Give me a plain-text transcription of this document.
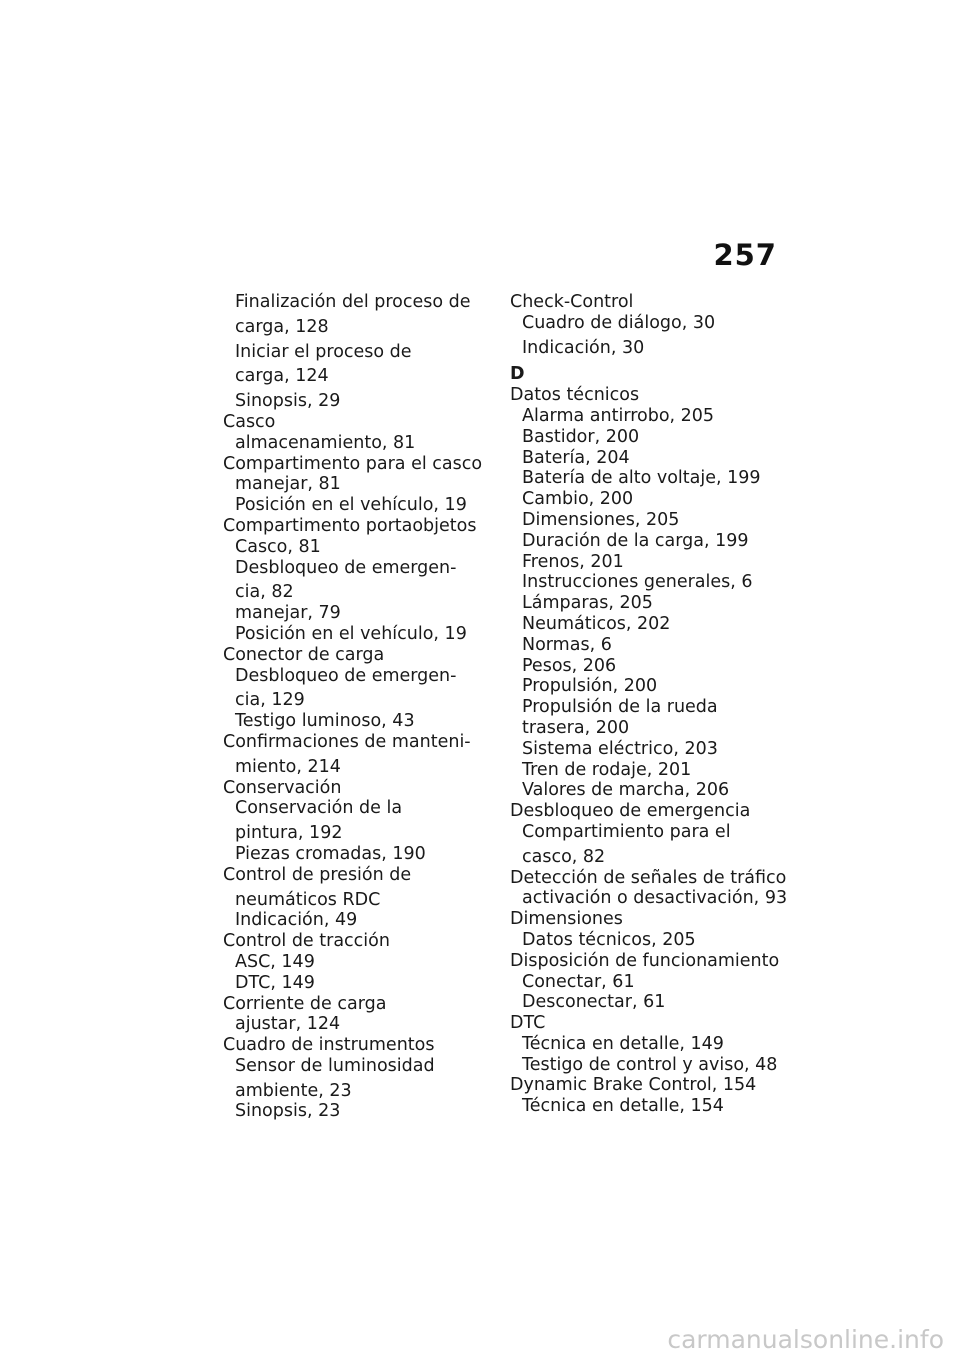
257

Finalización del proceso de

carga, 128

Iniciar el proceso de

carga, 124

Sinopsis, 29

Casco

almacenamiento, 81

Compartimento para el casco

manejar, 81

Posición en el vehículo, 19

Compartimento portaobjetos

Casco, 81

Desbloqueo de emergen-

cia, 82

manejar, 79

Posición en el vehículo, 19

Conector de carga

Desbloqueo de emergen-

cia, 129

Testigo luminoso, 43

Confirmaciones de manteni-

miento, 214

Conservación

Conservación de la

pintura, 192

Piezas cromadas, 190

Control de presión de

neumáticos RDC

Indicación, 49

Control de tracción

ASC, 149

DTC, 149

Corriente de carga

ajustar, 124

Cuadro de instrumentos

Sensor de luminosidad

ambiente, 23

Sinopsis, 23

Check-Control

Cuadro de diálogo, 30

Indicación, 30

D

Datos técnicos

Alarma antirrobo, 205

Bastidor, 200

Batería, 204

Batería de alto voltaje, 199

Cambio, 200

Dimensiones, 205

Duración de la carga, 199

Frenos, 201

Instrucciones generales, 6

Lámparas, 205

Neumáticos, 202

Normas, 6

Pesos, 206

Propulsión, 200

Propulsión de la rueda

trasera, 200

Sistema eléctrico, 203

Tren de rodaje, 201

Valores de marcha, 206

Desbloqueo de emergencia

Compartimiento para el

casco, 82

Detección de señales de tráfico

activación o desactivación, 93

Dimensiones

Datos técnicos, 205

Disposición de funcionamiento

Conectar, 61

Desconectar, 61

DTC

Técnica en detalle, 149

Testigo de control y aviso, 48

Dynamic Brake Control, 154

Técnica en detalle, 154

carmanualsonline.info
